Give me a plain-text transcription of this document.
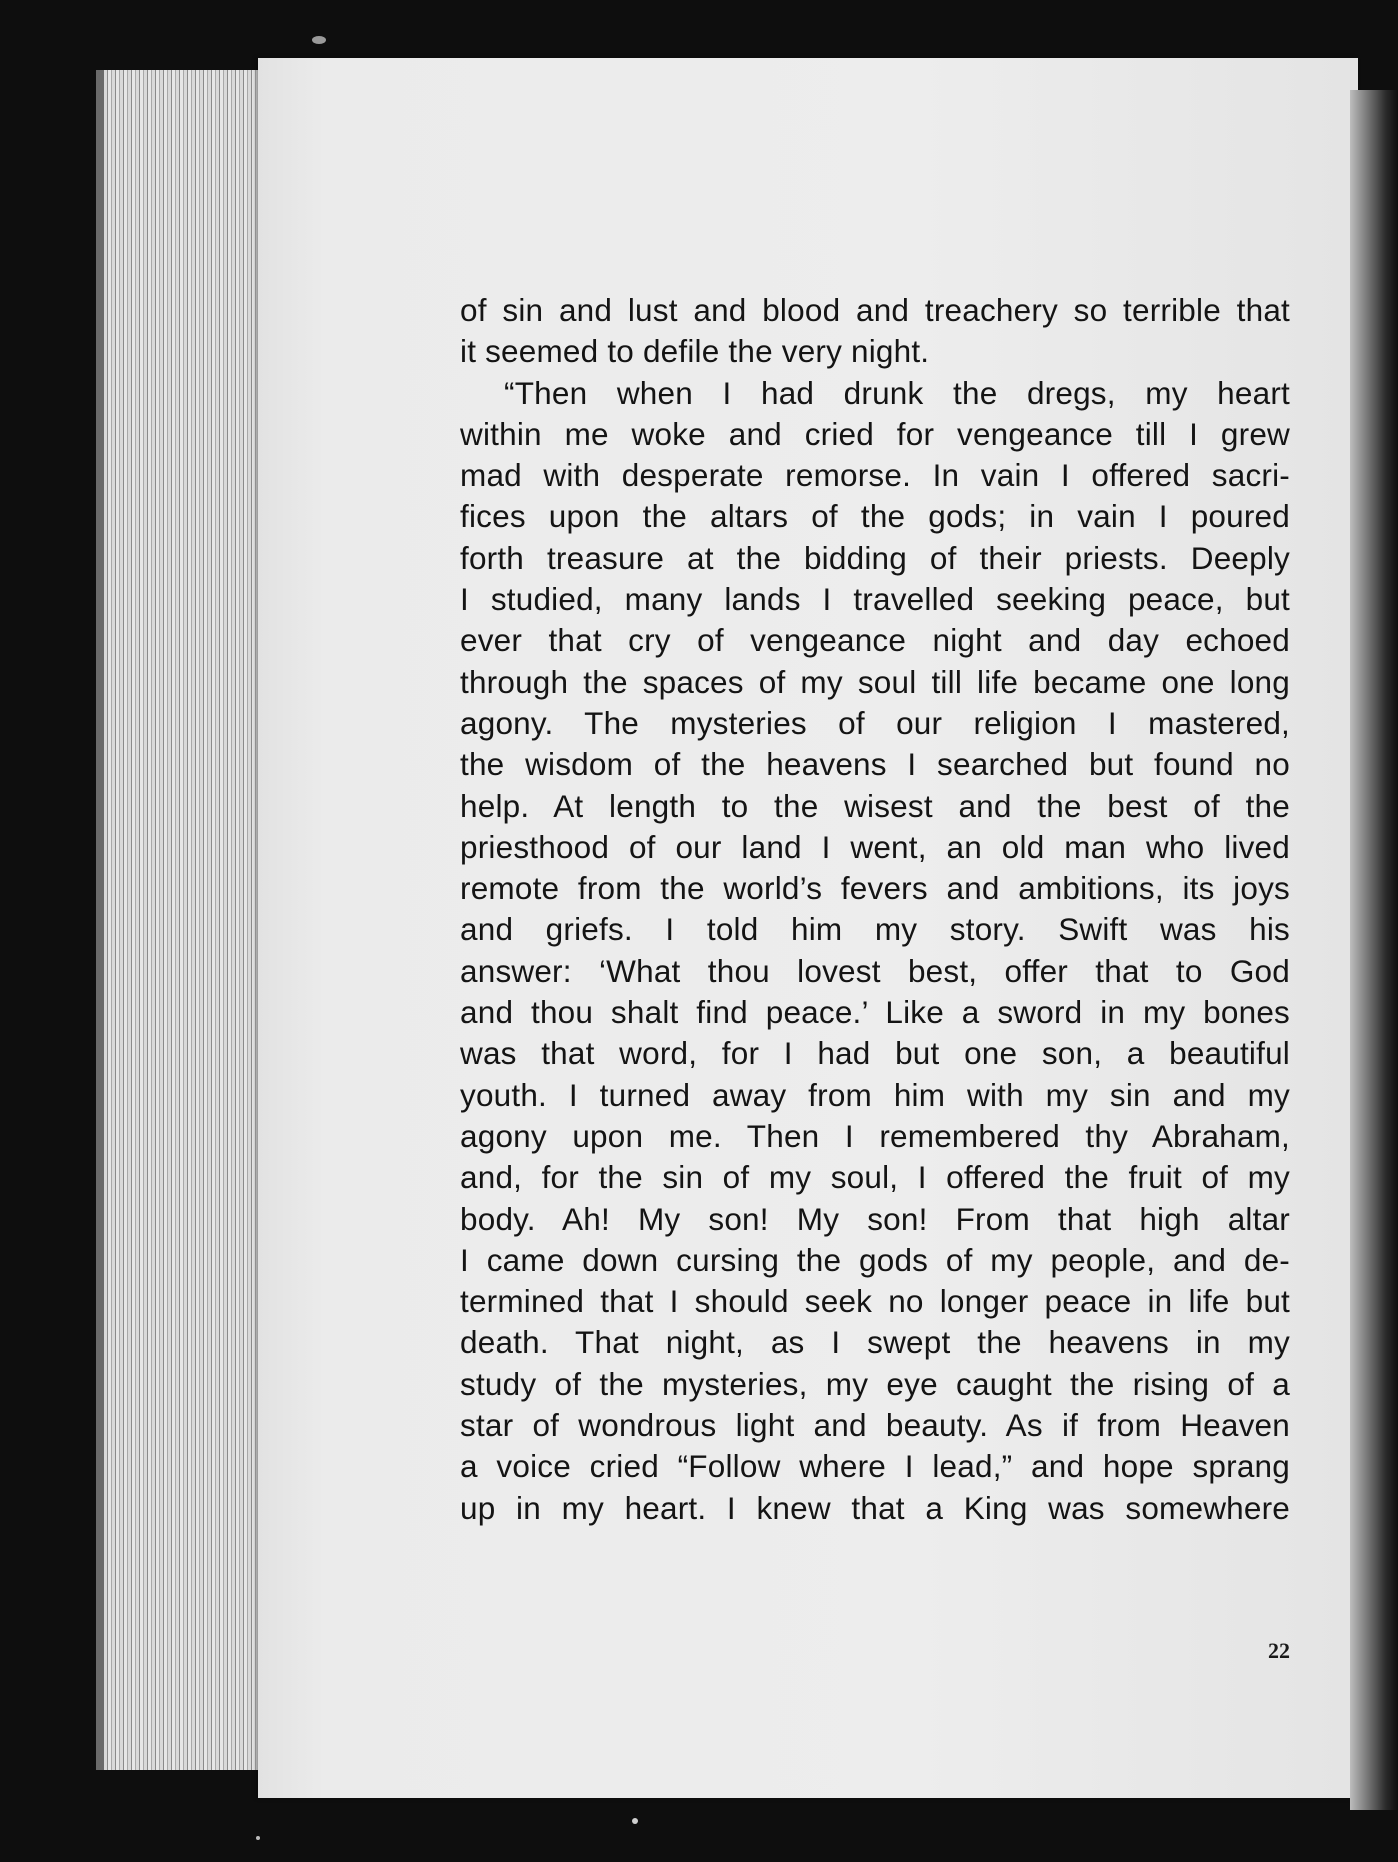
of sin and lust and blood and treachery so terrible that
it seemed to defile the very night.
“Then when I had drunk the dregs, my heart
within me woke and cried for vengeance till I grew
mad with desperate remorse. In vain I offered sacri-
fices upon the altars of the gods; in vain I poured
forth treasure at the bidding of their priests. Deeply
I studied, many lands I travelled seeking peace, but
ever that cry of vengeance night and day echoed
through the spaces of my soul till life became one long
agony. The mysteries of our religion I mastered,
the wisdom of the heavens I searched but found no
help. At length to the wisest and the best of the
priesthood of our land I went, an old man who lived
remote from the world’s fevers and ambitions, its joys
and griefs. I told him my story. Swift was his
answer: ‘What thou lovest best, offer that to God
and thou shalt find peace.’ Like a sword in my bones
was that word, for I had but one son, a beautiful
youth. I turned away from him with my sin and my
agony upon me. Then I remembered thy Abraham,
and, for the sin of my soul, I offered the fruit of my
body. Ah! My son! My son! From that high altar
I came down cursing the gods of my people, and de-
termined that I should seek no longer peace in life but
death. That night, as I swept the heavens in my
study of the mysteries, my eye caught the rising of a
star of wondrous light and beauty. As if from Heaven
a voice cried “Follow where I lead,” and hope sprang
up in my heart. I knew that a King was somewhere
22
